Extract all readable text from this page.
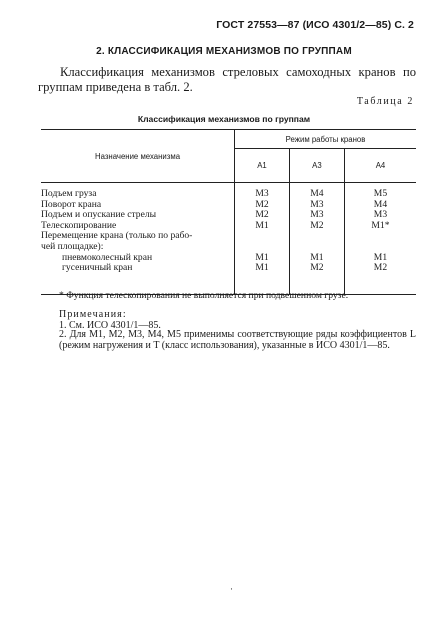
ГОСТ 27553—87 (ИСО 4301/2—85) С. 2
2. КЛАССИФИКАЦИЯ МЕХАНИЗМОВ ПО ГРУППАМ
Классификация механизмов стреловых самоходных кранов по группам приведена в табл. 2.
Таблица 2
Классификация механизмов по группам
Назначение механизма	Режим работы кранов		
	A1	A3	A4
Подъем груза	M3	M4	M5
Поворот крана	M2	M3	M4
Подъем и опускание стрелы	M2	M3	M3
Телескопирование	M1	M2	M1*
Перемещение крана (только по рабо-			
чей площадке):			
пневмоколесный кран	M1	M1	M1
гусеничный кран	M1	M2	M2
* Функция телескопирования не выполняется при подвешенном грузе.
Примечания:
1. См. ИСО 4301/1—85.
2. Для M1, M2, M3, M4, M5 применимы соответствующие ряды коэффициентов L (режим нагружения и T (класс использования), указанные в ИСО 4301/1—85.
·
